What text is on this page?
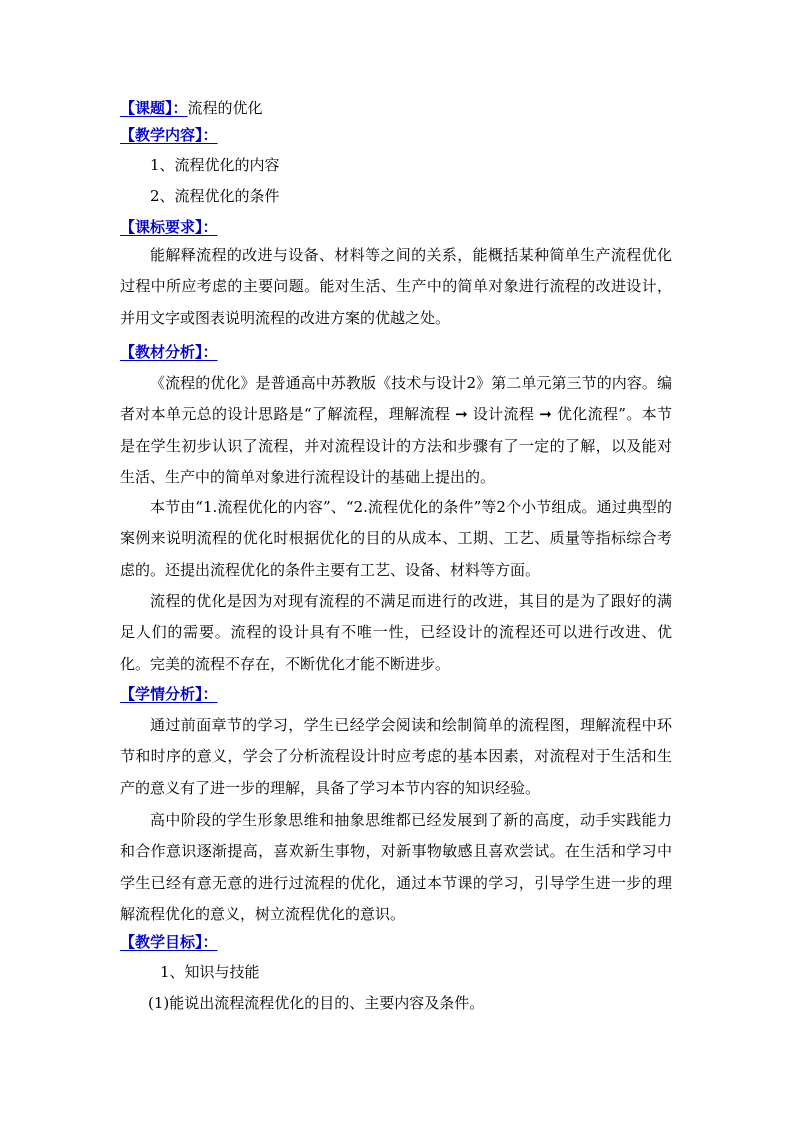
【课题】：流程的优化
【教学内容】：
1、流程优化的内容
2、流程优化的条件
【课标要求】：

能解释流程的改进与设备、材料等之间的关系，能概括某种简单生产流程优化过程中所应考虑的主要问题。能对生活、生产中的简单对象进行流程的改进设计，并用文字或图表说明流程的改进方案的优越之处。

【教材分析】：

《流程的优化》是普通高中苏教版《技术与设计2》第二单元第三节的内容。编者对本单元总的设计思路是“了解流程，理解流程 ➞ 设计流程 ➞ 优化流程”。本节是在学生初步认识了流程，并对流程设计的方法和步骤有了一定的了解，以及能对生活、生产中的简单对象进行流程设计的基础上提出的。

本节由“1.流程优化的内容”、“2.流程优化的条件”等2个小节组成。通过典型的案例来说明流程的优化时根据优化的目的从成本、工期、工艺、质量等指标综合考虑的。还提出流程优化的条件主要有工艺、设备、材料等方面。

流程的优化是因为对现有流程的不满足而进行的改进，其目的是为了跟好的满足人们的需要。流程的设计具有不唯一性，已经设计的流程还可以进行改进、优化。完美的流程不存在，不断优化才能不断进步。

【学情分析】：

通过前面章节的学习，学生已经学会阅读和绘制简单的流程图，理解流程中环节和时序的意义，学会了分析流程设计时应考虑的基本因素，对流程对于生活和生产的意义有了进一步的理解，具备了学习本节内容的知识经验。

高中阶段的学生形象思维和抽象思维都已经发展到了新的高度，动手实践能力和合作意识逐渐提高，喜欢新生事物，对新事物敏感且喜欢尝试。在生活和学习中学生已经有意无意的进行过流程的优化，通过本节课的学习，引导学生进一步的理解流程优化的意义，树立流程优化的意识。

【教学目标】：
1、知识与技能
(1)能说出流程流程优化的目的、主要内容及条件。
